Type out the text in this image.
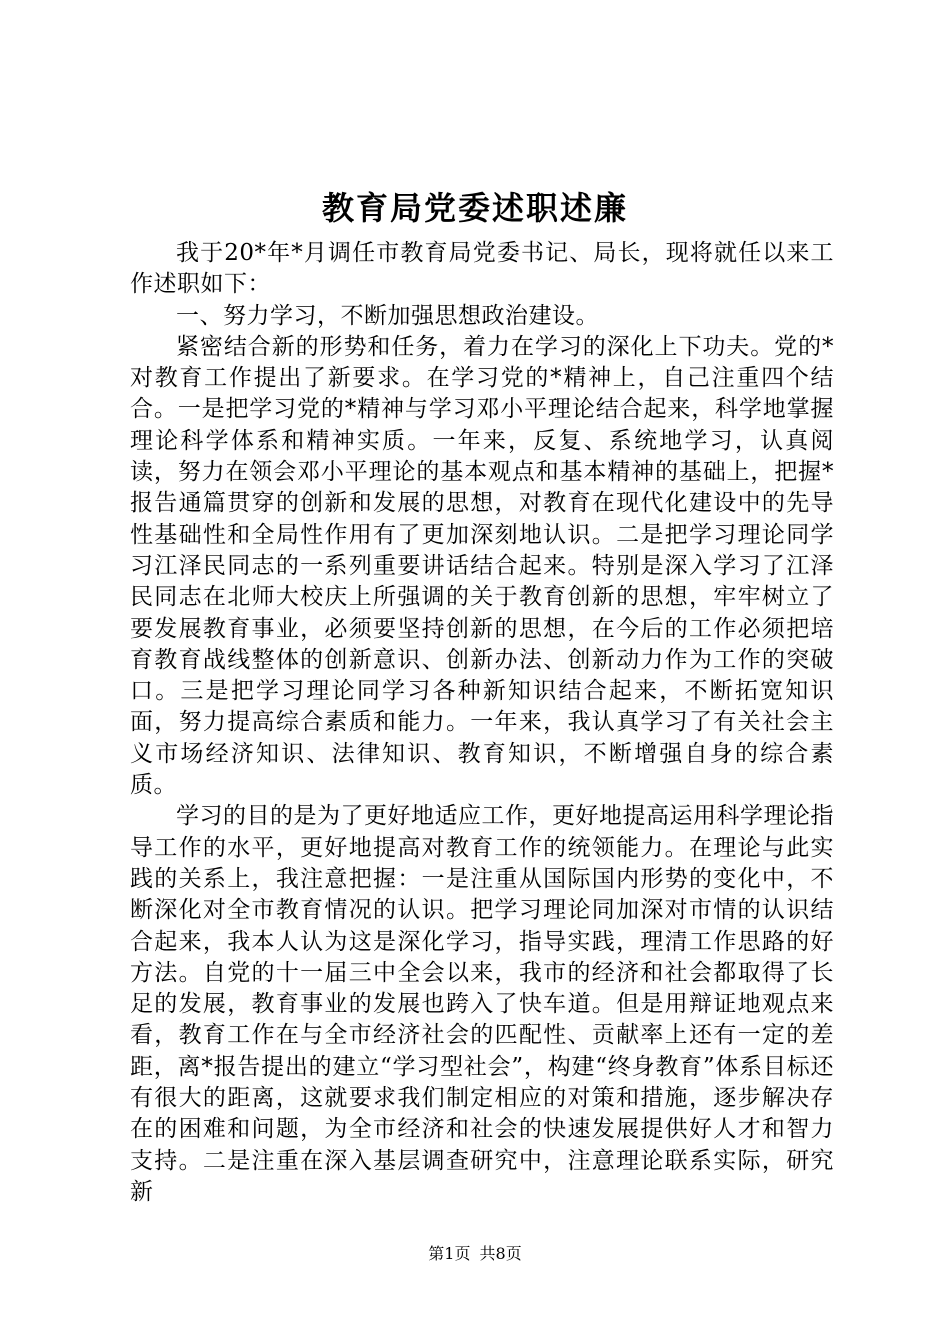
教育局党委述职述廉

我于20*年*月调任市教育局党委书记、局长，现将就任以来工作述职如下：

一、努力学习，不断加强思想政治建设。

紧密结合新的形势和任务，着力在学习的深化上下功夫。党的*对教育工作提出了新要求。在学习党的*精神上，自己注重四个结合。一是把学习党的*精神与学习邓小平理论结合起来，科学地掌握理论科学体系和精神实质。一年来，反复、系统地学习，认真阅读，努力在领会邓小平理论的基本观点和基本精神的基础上，把握*报告通篇贯穿的创新和发展的思想，对教育在现代化建设中的先导性基础性和全局性作用有了更加深刻地认识。二是把学习理论同学习江泽民同志的一系列重要讲话结合起来。特别是深入学习了江泽民同志在北师大校庆上所强调的关于教育创新的思想，牢牢树立了要发展教育事业，必须要坚持创新的思想，在今后的工作必须把培育教育战线整体的创新意识、创新办法、创新动力作为工作的突破口。三是把学习理论同学习各种新知识结合起来，不断拓宽知识面，努力提高综合素质和能力。一年来，我认真学习了有关社会主义市场经济知识、法律知识、教育知识，不断增强自身的综合素质。

学习的目的是为了更好地适应工作，更好地提高运用科学理论指导工作的水平，更好地提高对教育工作的统领能力。在理论与此实践的关系上，我注意把握：一是注重从国际国内形势的变化中，不断深化对全市教育情况的认识。把学习理论同加深对市情的认识结合起来，我本人认为这是深化学习，指导实践，理清工作思路的好方法。自党的十一届三中全会以来，我市的经济和社会都取得了长足的发展，教育事业的发展也跨入了快车道。但是用辩证地观点来看，教育工作在与全市经济社会的匹配性、贡献率上还有一定的差距，离*报告提出的建立“学习型社会”，构建“终身教育”体系目标还有很大的距离，这就要求我们制定相应的对策和措施，逐步解决存在的困难和问题，为全市经济和社会的快速发展提供好人才和智力支持。二是注重在深入基层调查研究中，注意理论联系实际，研究新

第1页 共8页
